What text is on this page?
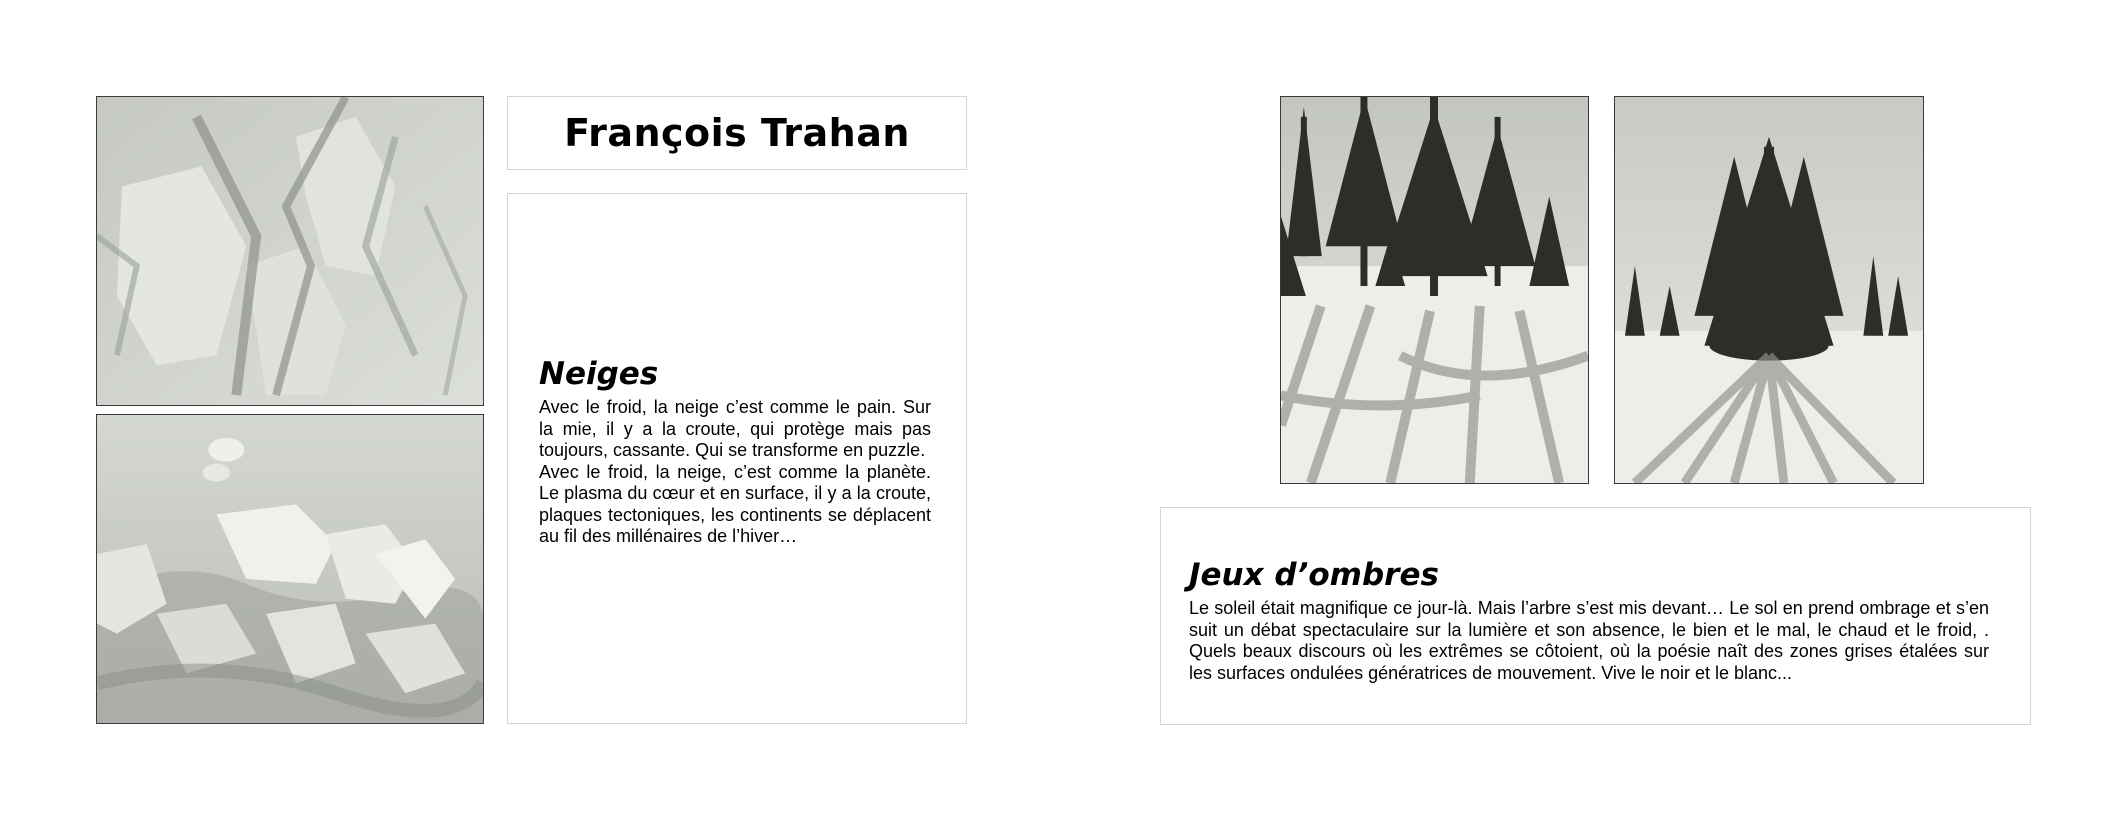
François Trahan
Neiges

Avec le froid, la neige c’est comme le pain. Sur la mie, il y a la croute, qui protège mais pas toujours, cassante. Qui se transforme en puzzle.

Avec le froid, la neige, c’est comme la planète. Le plasma du cœur et en surface, il y a la croute, plaques tectoniques, les continents se déplacent au fil des millénaires de l’hiver…

Jeux d’ombres

Le soleil était magnifique ce jour-là. Mais l’arbre s’est mis devant… Le sol en prend ombrage et s’en suit un débat spectaculaire sur la lumière et son absence, le bien et le mal, le chaud et le froid, . Quels beaux discours où les extrêmes se côtoient, où la poésie naît des zones grises étalées sur les surfaces ondulées génératrices de mouvement. Vive le noir et le blanc...
